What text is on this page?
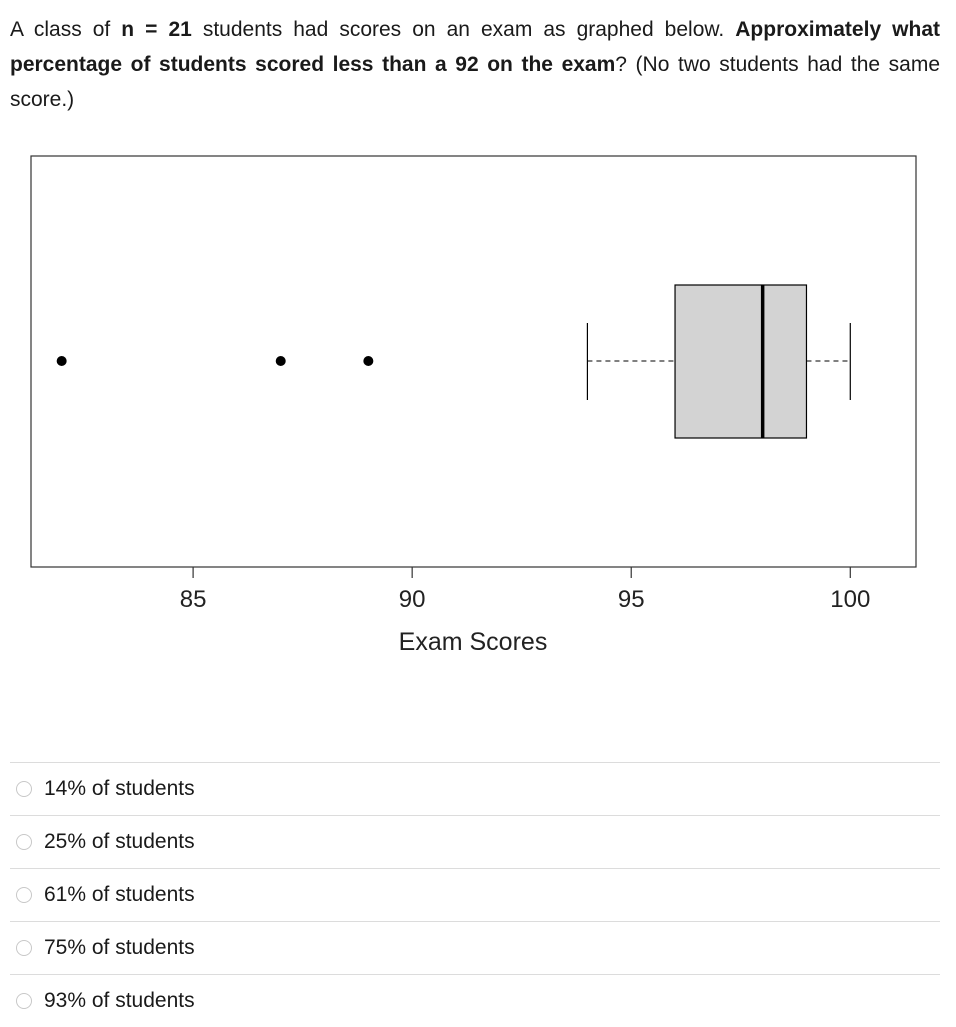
A class of n = 21 students had scores on an exam as graphed below. Approximately what percentage of students scored less than a 92 on the exam? (No two students had the same score.)
85	90	95	100
Exam Scores
14% of students
25% of students
61% of students
75% of students
93% of students
